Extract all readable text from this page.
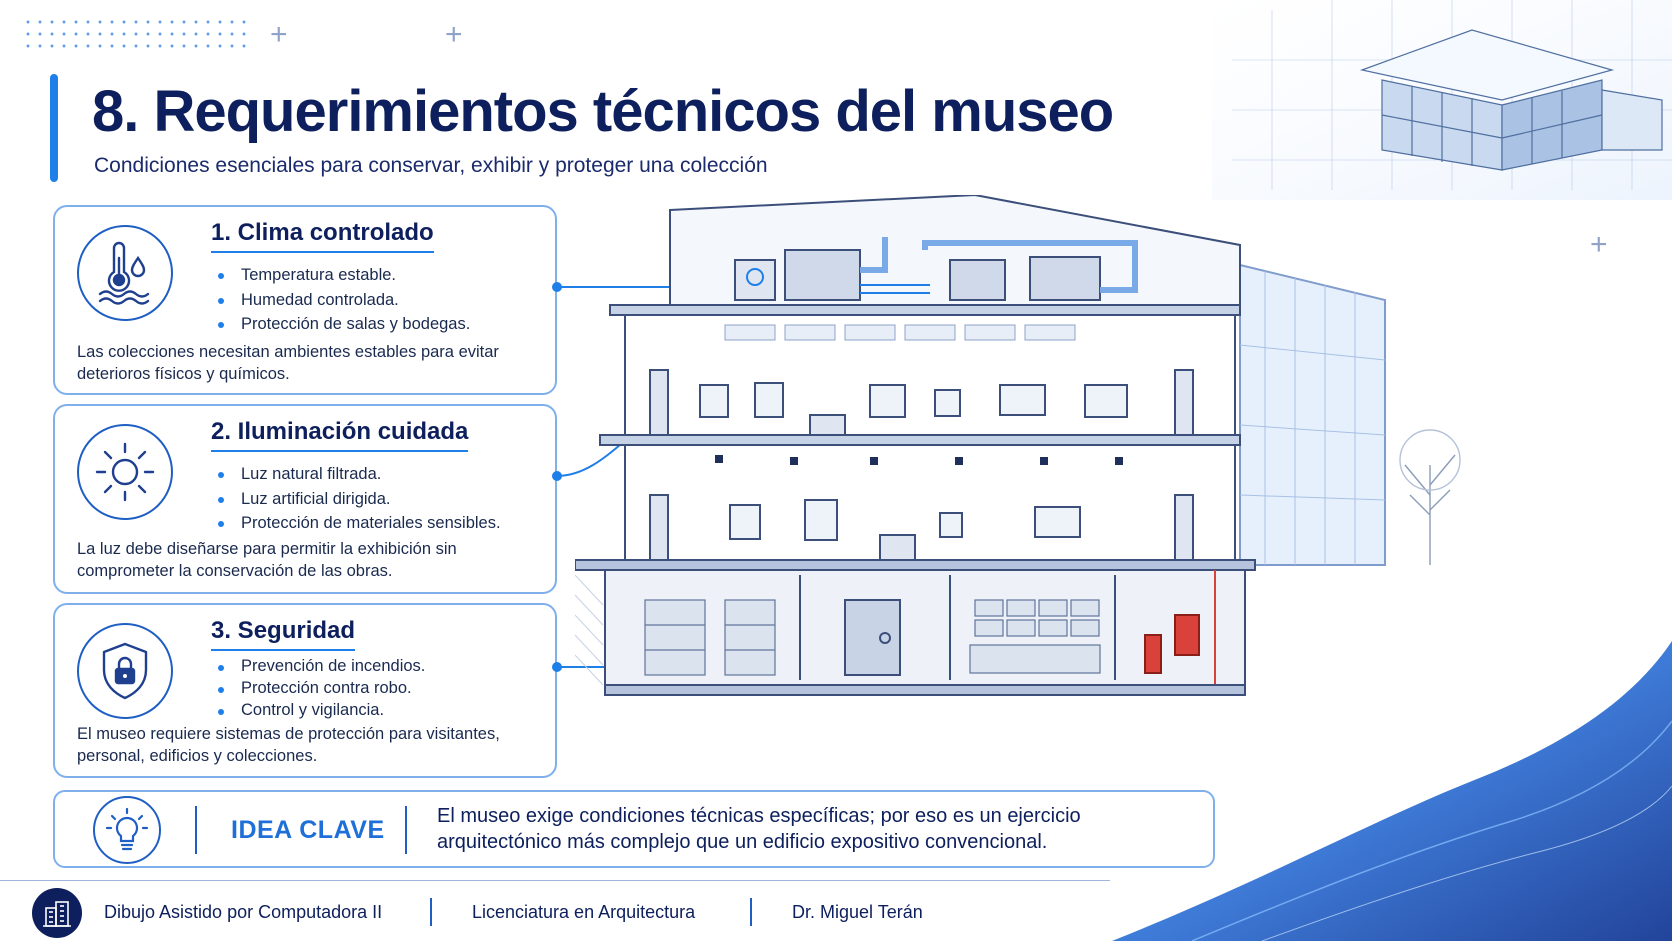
+	+
+
8. Requerimientos técnicos del museo
Condiciones esenciales para conservar, exhibir y proteger una colección
1. Clima controlado
Temperatura estable.
Humedad controlada.
Protección de salas y bodegas.
Las colecciones necesitan ambientes estables para evitar deterioros físicos y químicos.
2. Iluminación cuidada
Luz natural filtrada.
Luz artificial dirigida.
Protección de materiales sensibles.
La luz debe diseñarse para permitir la exhibición sin comprometer la conservación de las obras.
3. Seguridad
Prevención de incendios.
Protección contra robo.
Control y vigilancia.
El museo requiere sistemas de protección para visitantes, personal, edificios y colecciones.
IDEA CLAVE	El museo exige condiciones técnicas específicas; por eso es un ejercicio arquitectónico más complejo que un edificio expositivo convencional.
Dibujo Asistido por Computadora II	Licenciatura en Arquitectura	Dr. Miguel Terán
